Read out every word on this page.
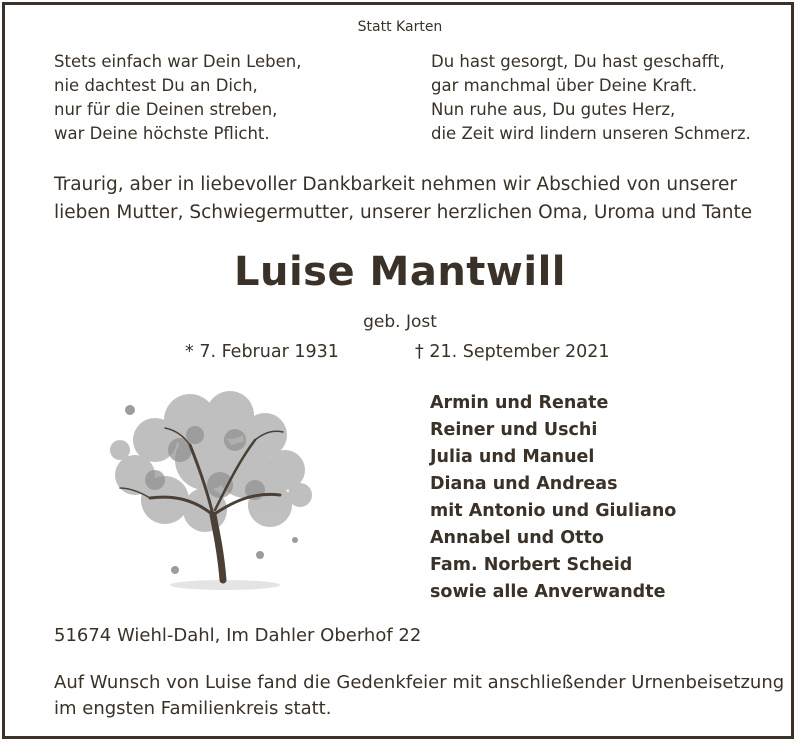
Statt Karten
Stets einfach war Dein Leben,
nie dachtest Du an Dich,
nur für die Deinen streben,
war Deine höchste Pflicht.
Du hast gesorgt, Du hast geschafft,
gar manchmal über Deine Kraft.
Nun ruhe aus, Du gutes Herz,
die Zeit wird lindern unseren Schmerz.
Traurig, aber in liebevoller Dankbarkeit nehmen wir Abschied von unserer
lieben Mutter, Schwiegermutter, unserer herzlichen Oma, Uroma und Tante
Luise Mantwill
geb. Jost
* 7. Februar 1931	† 21. September 2021
Armin und Renate
Reiner und Uschi
Julia und Manuel
Diana und Andreas
mit Antonio und Giuliano
Annabel und Otto
Fam. Norbert Scheid
sowie alle Anverwandte
51674 Wiehl-Dahl, Im Dahler Oberhof 22
Auf Wunsch von Luise fand die Gedenkfeier mit anschließender Urnenbeisetzung
im engsten Familienkreis statt.
